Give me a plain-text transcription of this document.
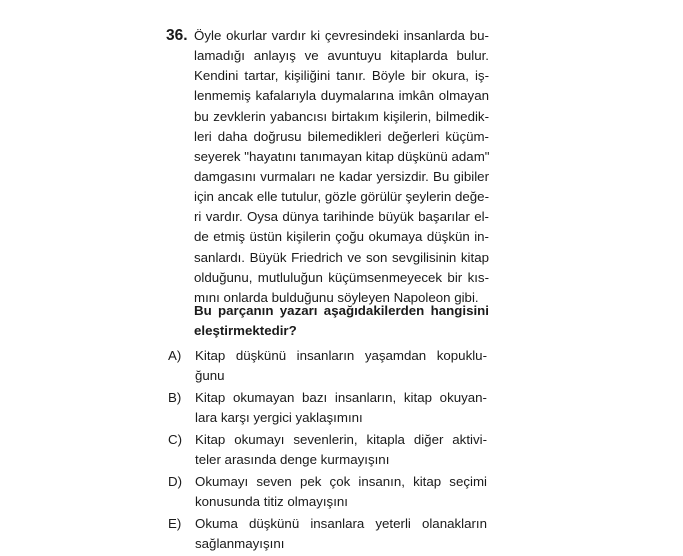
36. Öyle okurlar vardır ki çevresindeki insanlarda bu-
lamadığı anlayış ve avuntuyu kitaplarda bulur.
Kendini tartar, kişiliğini tanır. Böyle bir okura, iş-
lenmemiş kafalarıyla duymalarına imkân olmayan
bu zevklerin yabancısı birtakım kişilerin, bilmedik-
leri daha doğrusu bilemedikleri değerleri küçüm-
seyerek "hayatını tanımayan kitap düşkünü adam"
damgasını vurmaları ne kadar yersizdir. Bu gibiler
için ancak elle tutulur, gözle görülür şeylerin değe-
ri vardır. Oysa dünya tarihinde büyük başarılar el-
de etmiş üstün kişilerin çoğu okumaya düşkün in-
sanlardı. Büyük Friedrich ve son sevgilisinin kitap
olduğunu, mutluluğun küçümsenmeyecek bir kıs-
mını onlarda bulduğunu söyleyen Napoleon gibi.
Bu parçanın yazarı aşağıdakilerden hangisini
eleştirmektedir?
A)	Kitap düşkünü insanların yaşamdan kopuklu-
ğunu
B)	Kitap okumayan bazı insanların, kitap okuyan-
lara karşı yergici yaklaşımını
C) Kitap okumayı sevenlerin, kitapla diğer aktivi-
teler arasında denge kurmayışını
D) Okumayı seven pek çok insanın, kitap seçimi
konusunda titiz olmayışını
E)	Okuma düşkünü insanlara yeterli olanakların
sağlanmayışını
